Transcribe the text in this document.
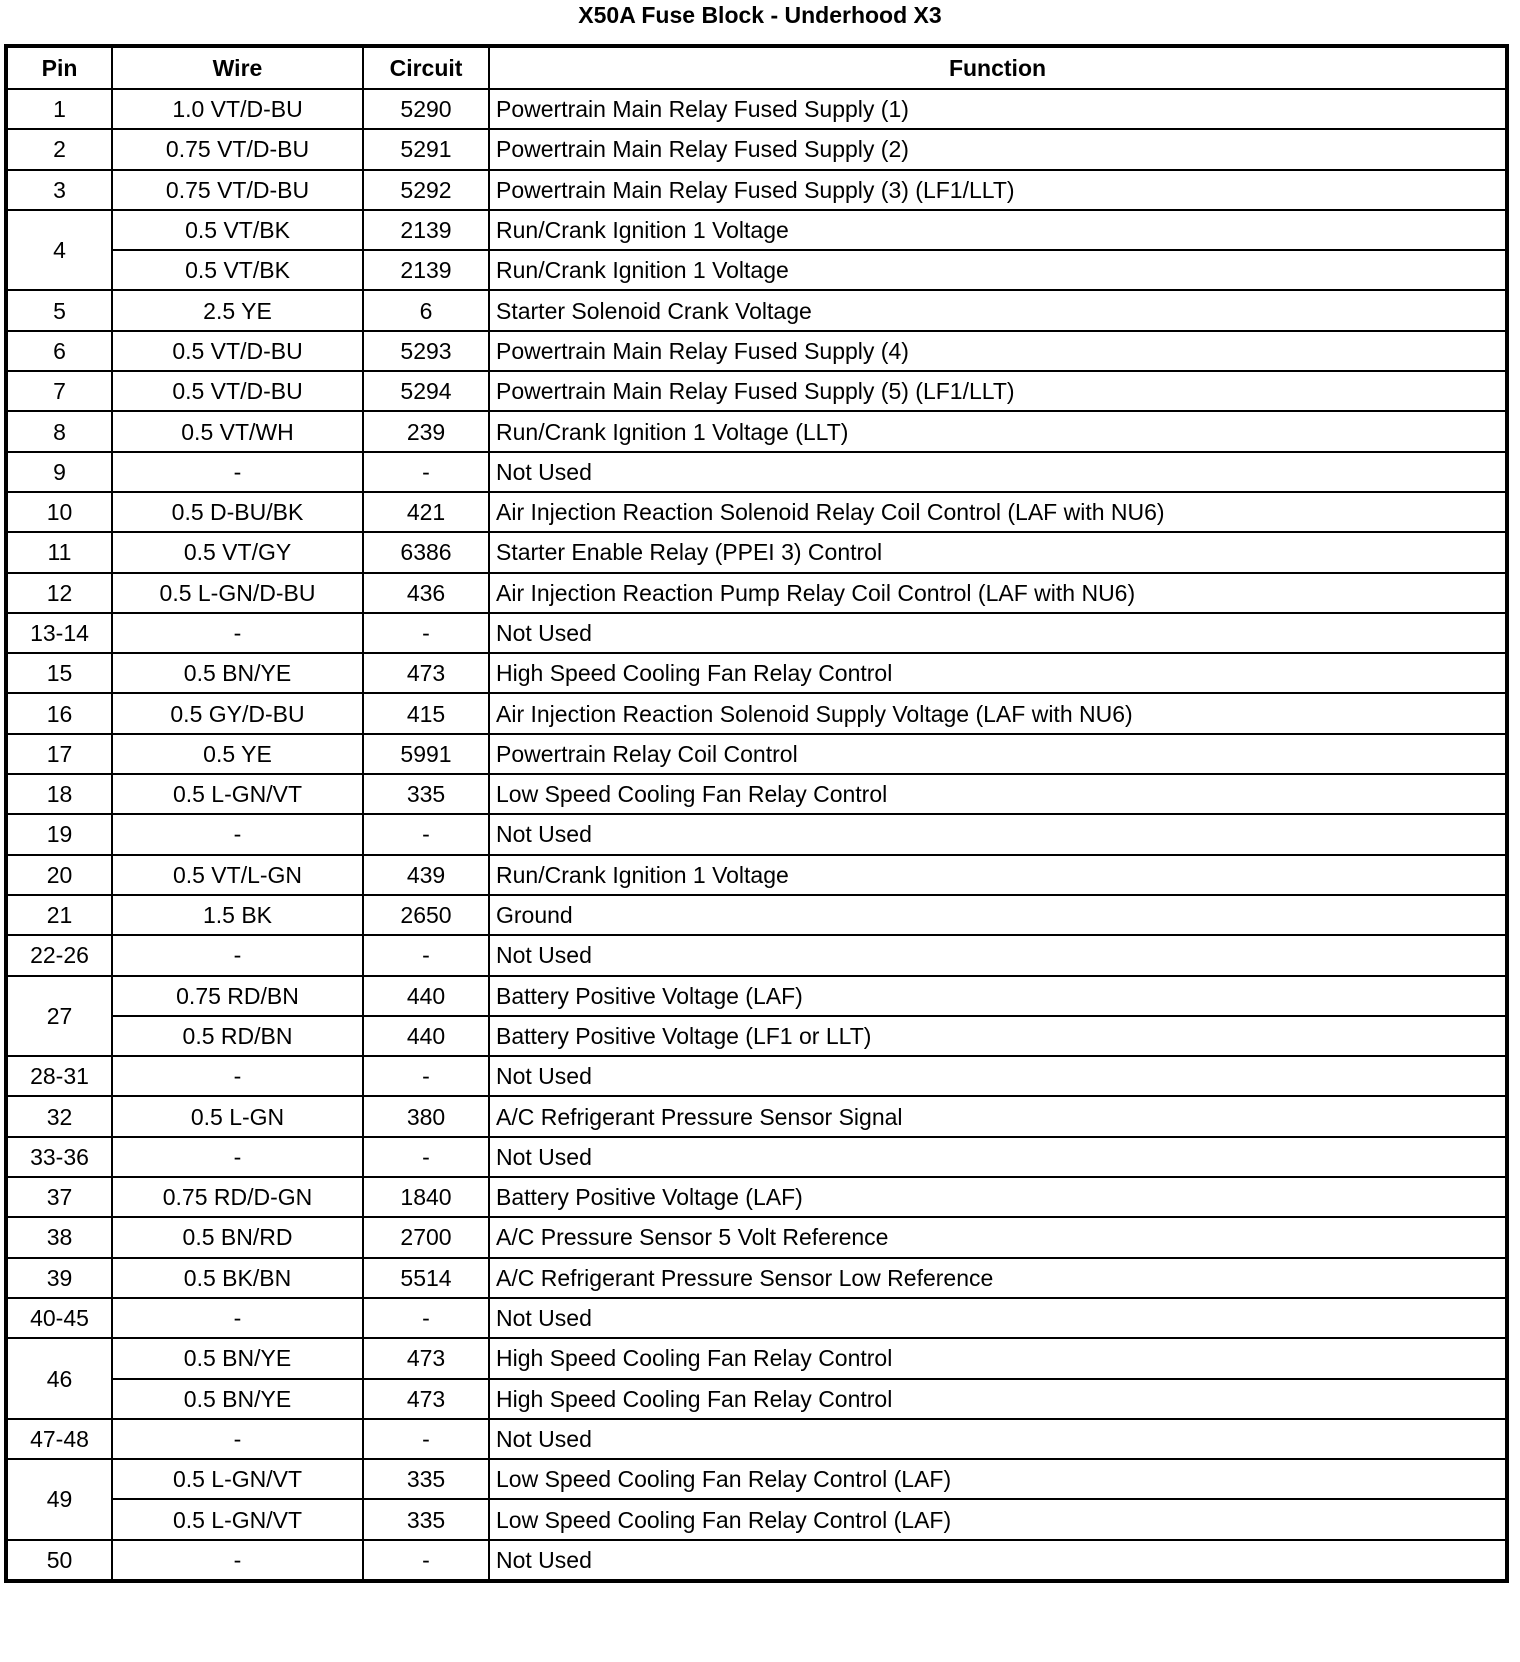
X50A Fuse Block - Underhood X3
Pin	Wire	Circuit	Function
1	1.0 VT/D-BU	5290	Powertrain Main Relay Fused Supply (1)
2	0.75 VT/D-BU	5291	Powertrain Main Relay Fused Supply (2)
3	0.75 VT/D-BU	5292	Powertrain Main Relay Fused Supply (3) (LF1/LLT)
4	0.5 VT/BK	2139	Run/Crank Ignition 1 Voltage
	0.5 VT/BK	2139	Run/Crank Ignition 1 Voltage
5	2.5 YE	6	Starter Solenoid Crank Voltage
6	0.5 VT/D-BU	5293	Powertrain Main Relay Fused Supply (4)
7	0.5 VT/D-BU	5294	Powertrain Main Relay Fused Supply (5) (LF1/LLT)
8	0.5 VT/WH	239	Run/Crank Ignition 1 Voltage (LLT)
9	-	-	Not Used
10	0.5 D-BU/BK	421	Air Injection Reaction Solenoid Relay Coil Control (LAF with NU6)
11	0.5 VT/GY	6386	Starter Enable Relay (PPEI 3) Control
12	0.5 L-GN/D-BU	436	Air Injection Reaction Pump Relay Coil Control (LAF with NU6)
13-14	-	-	Not Used
15	0.5 BN/YE	473	High Speed Cooling Fan Relay Control
16	0.5 GY/D-BU	415	Air Injection Reaction Solenoid Supply Voltage (LAF with NU6)
17	0.5 YE	5991	Powertrain Relay Coil Control
18	0.5 L-GN/VT	335	Low Speed Cooling Fan Relay Control
19	-	-	Not Used
20	0.5 VT/L-GN	439	Run/Crank Ignition 1 Voltage
21	1.5 BK	2650	Ground
22-26	-	-	Not Used
27	0.75 RD/BN	440	Battery Positive Voltage (LAF)
	0.5 RD/BN	440	Battery Positive Voltage (LF1 or LLT)
28-31	-	-	Not Used
32	0.5 L-GN	380	A/C Refrigerant Pressure Sensor Signal
33-36	-	-	Not Used
37	0.75 RD/D-GN	1840	Battery Positive Voltage (LAF)
38	0.5 BN/RD	2700	A/C Pressure Sensor 5 Volt Reference
39	0.5 BK/BN	5514	A/C Refrigerant Pressure Sensor Low Reference
40-45	-	-	Not Used
46	0.5 BN/YE	473	High Speed Cooling Fan Relay Control
	0.5 BN/YE	473	High Speed Cooling Fan Relay Control
47-48	-	-	Not Used
49	0.5 L-GN/VT	335	Low Speed Cooling Fan Relay Control (LAF)
	0.5 L-GN/VT	335	Low Speed Cooling Fan Relay Control (LAF)
50	-	-	Not Used
